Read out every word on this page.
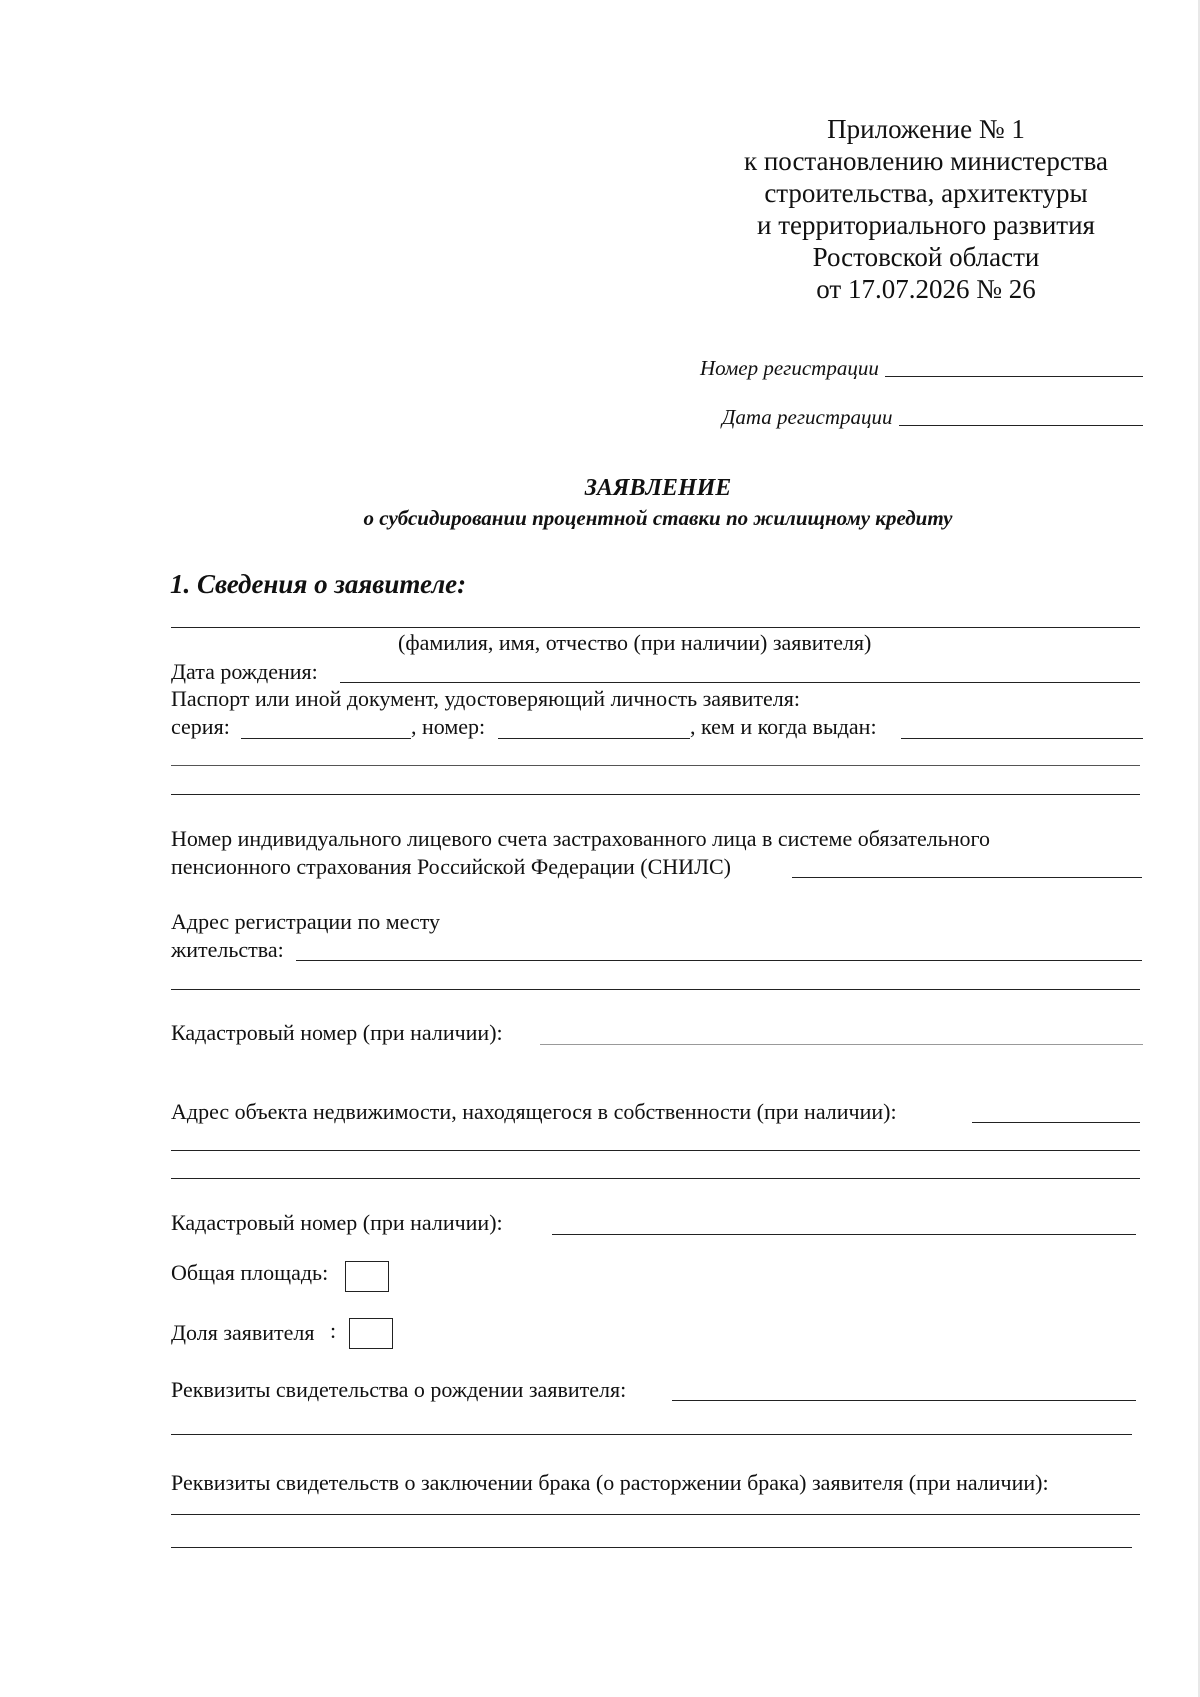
Приложение № 1
к постановлению министерства
строительства, архитектуры
и территориального развития
Ростовской области
от 17.07.2026 № 26
Номер регистрации
Дата регистрации
ЗАЯВЛЕНИЕ
о субсидировании процентной ставки по жилищному кредиту
1. Сведения о заявителе:
(фамилия, имя, отчество (при наличии) заявителя)
Дата рождения:
Паспорт или иной документ, удостоверяющий личность заявителя:
серия:	, номер:	, кем и когда выдан:
Номер индивидуального лицевого счета застрахованного лица в системе обязательного
пенсионного страхования Российской Федерации (СНИЛС)
Адрес регистрации по месту
жительства:
Кадастровый номер (при наличии):
Адрес объекта недвижимости, находящегося в собственности (при наличии):
Кадастровый номер (при наличии):
Общая площадь:
Доля заявителя :
Реквизиты свидетельства о рождении заявителя:
Реквизиты свидетельств о заключении брака (о расторжении брака) заявителя (при наличии):
